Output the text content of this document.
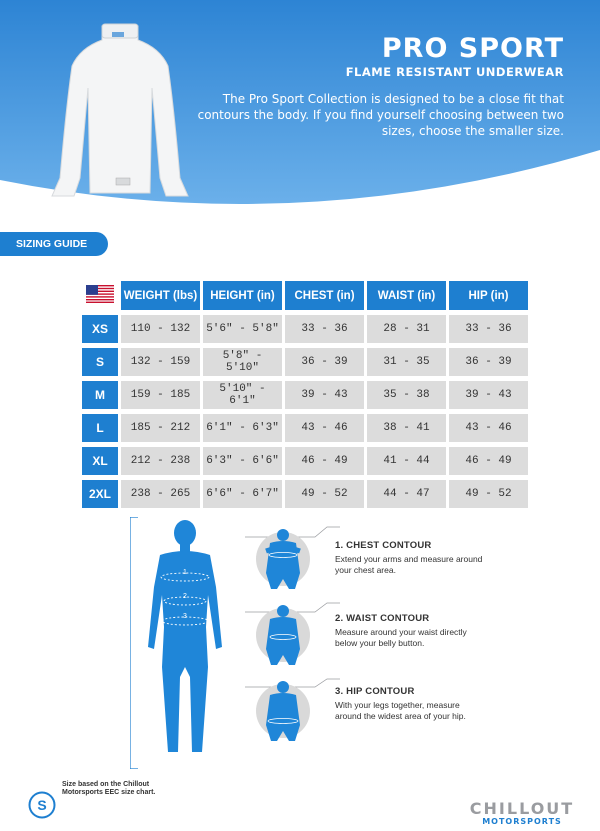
PRO SPORT
FLAME RESISTANT UNDERWEAR
The Pro Sport Collection is designed to be a close fit that contours the body. If you find yourself choosing between two sizes, choose the smaller size.
SIZING GUIDE
	WEIGHT (lbs)	HEIGHT (in)	CHEST (in)	WAIST (in)	HIP (in)
XS	110 - 132	5'6" - 5'8"	33 - 36	28 - 31	33 - 36
S	132 - 159	5'8" - 5'10"	36 - 39	31 - 35	36 - 39
M	159 - 185	5'10" - 6'1"	39 - 43	35 - 38	39 - 43
L	185 - 212	6'1" - 6'3"	43 - 46	38 - 41	43 - 46
XL	212 - 238	6'3" - 6'6"	46 - 49	41 - 44	46 - 49
2XL	238 - 265	6'6" - 6'7"	49 - 52	44 - 47	49 - 52
1
2
3
1. CHEST CONTOUR
Extend your arms and measure around your chest area.
2. WAIST CONTOUR
Measure around your waist directly below your belly button.
3. HIP CONTOUR
With your legs together, measure around the widest area of your hip.
S
Size based on the Chillout Motorsports EEC size chart.
CHILLOUT
MOTORSPORTS
